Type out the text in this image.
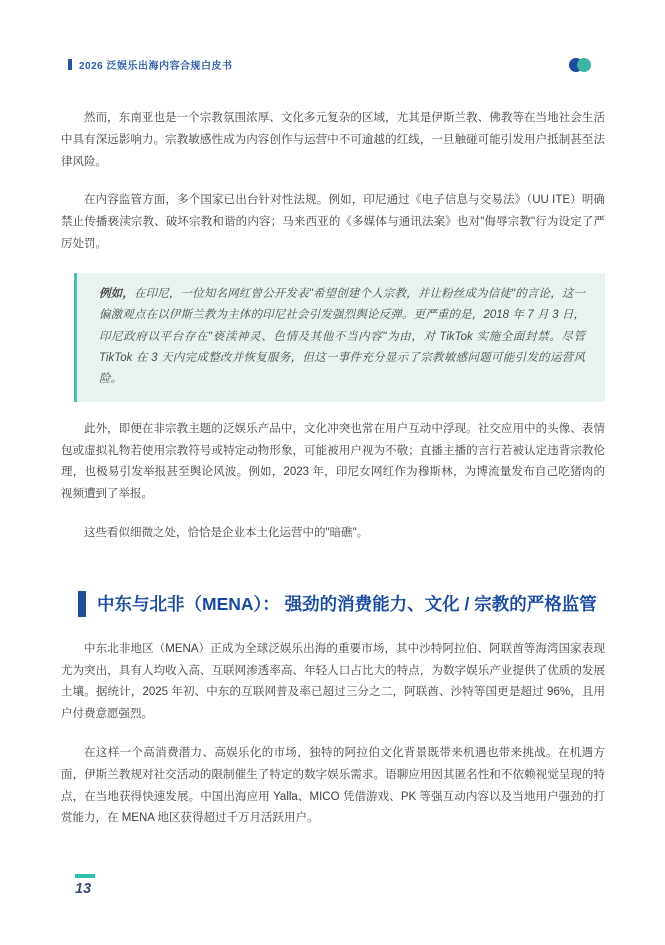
2026 泛娱乐出海内容合规白皮书

然而，东南亚也是一个宗教氛围浓厚、文化多元复杂的区域，尤其是伊斯兰教、佛教等在当地社会生活中具有深远影响力。宗教敏感性成为内容创作与运营中不可逾越的红线，一旦触碰可能引发用户抵制甚至法律风险。

在内容监管方面，多个国家已出台针对性法规。例如，印尼通过《电子信息与交易法》（UU ITE）明确禁止传播亵渎宗教、破坏宗教和谐的内容；马来西亚的《多媒体与通讯法案》也对"侮辱宗教"行为设定了严厉处罚。

例如，在印尼，一位知名网红曾公开发表"希望创建个人宗教，并让粉丝成为信徒"的言论，这一偏激观点在以伊斯兰教为主体的印尼社会引发强烈舆论反弹。更严重的是，2018 年 7 月 3 日，印尼政府以平台存在"亵渎神灵、色情及其他不当内容"为由，对 TikTok 实施全面封禁。尽管 TikTok 在 3 天内完成整改并恢复服务，但这一事件充分显示了宗教敏感问题可能引发的运营风险。

此外，即便在非宗教主题的泛娱乐产品中，文化冲突也常在用户互动中浮现。社交应用中的头像、表情包或虚拟礼物若使用宗教符号或特定动物形象，可能被用户视为不敬；直播主播的言行若被认定违背宗教伦理，也极易引发举报甚至舆论风波。例如，2023 年，印尼女网红作为穆斯林，为博流量发布自己吃猪肉的视频遭到了举报。

这些看似细微之处，恰恰是企业本土化运营中的"暗礁"。

中东与北非（MENA）： 强劲的消费能力、文化 / 宗教的严格监管

中东北非地区（MENA）正成为全球泛娱乐出海的重要市场，其中沙特阿拉伯、阿联酋等海湾国家表现尤为突出，具有人均收入高、互联网渗透率高、年轻人口占比大的特点，为数字娱乐产业提供了优质的发展土壤。据统计，2025 年初、中东的互联网普及率已超过三分之二，阿联酋、沙特等国更是超过 96%，且用户付费意愿强烈。

在这样一个高消费潜力、高娱乐化的市场，独特的阿拉伯文化背景既带来机遇也带来挑战。在机遇方面，伊斯兰教规对社交活动的限制催生了特定的数字娱乐需求。语聊应用因其匿名性和不依赖视觉呈现的特点，在当地获得快速发展。中国出海应用 Yalla、MICO 凭借游戏、PK 等强互动内容以及当地用户强劲的打赏能力，在 MENA 地区获得超过千万月活跃用户。

13
